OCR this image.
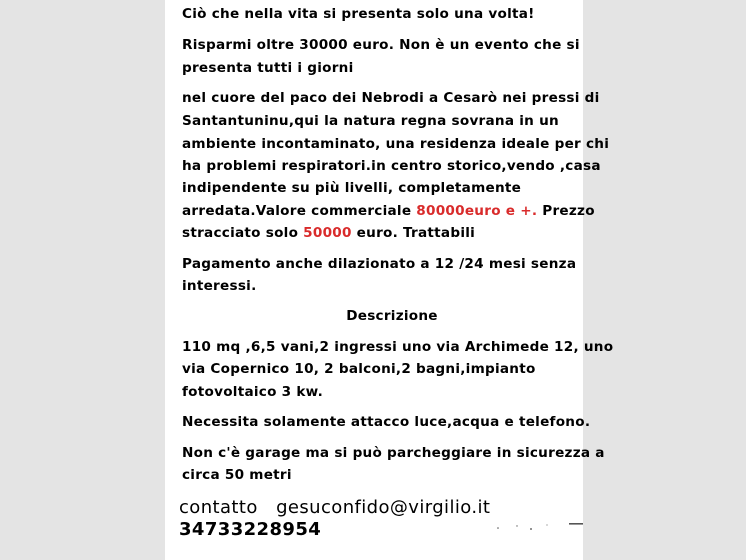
Ciò che nella vita si presenta solo una volta!
Risparmi oltre 30000 euro. Non è un evento che si
presenta tutti i giorni
nel cuore del paco dei Nebrodi a Cesarò nei pressi di
Santantuninu,qui la natura regna sovrana in un
ambiente incontaminato, una residenza ideale per chi
ha problemi respiratori.in centro storico,vendo ,casa
indipendente su più livelli, completamente
arredata.Valore commerciale 80000euro e +. Prezzo
stracciato solo 50000 euro. Trattabili
Pagamento anche dilazionato a 12 /24 mesi senza
interessi.
Descrizione
110 mq ,6,5 vani,2 ingressi uno via Archimede 12, uno
via Copernico 10, 2 balconi,2 bagni,impianto
fotovoltaico 3 kw.
Necessita solamente attacco luce,acqua e telefono.
Non c'è garage ma si può parcheggiare in sicurezza a
circa 50 metri
contatto gesuconfido@virgilio.it
34733228954
